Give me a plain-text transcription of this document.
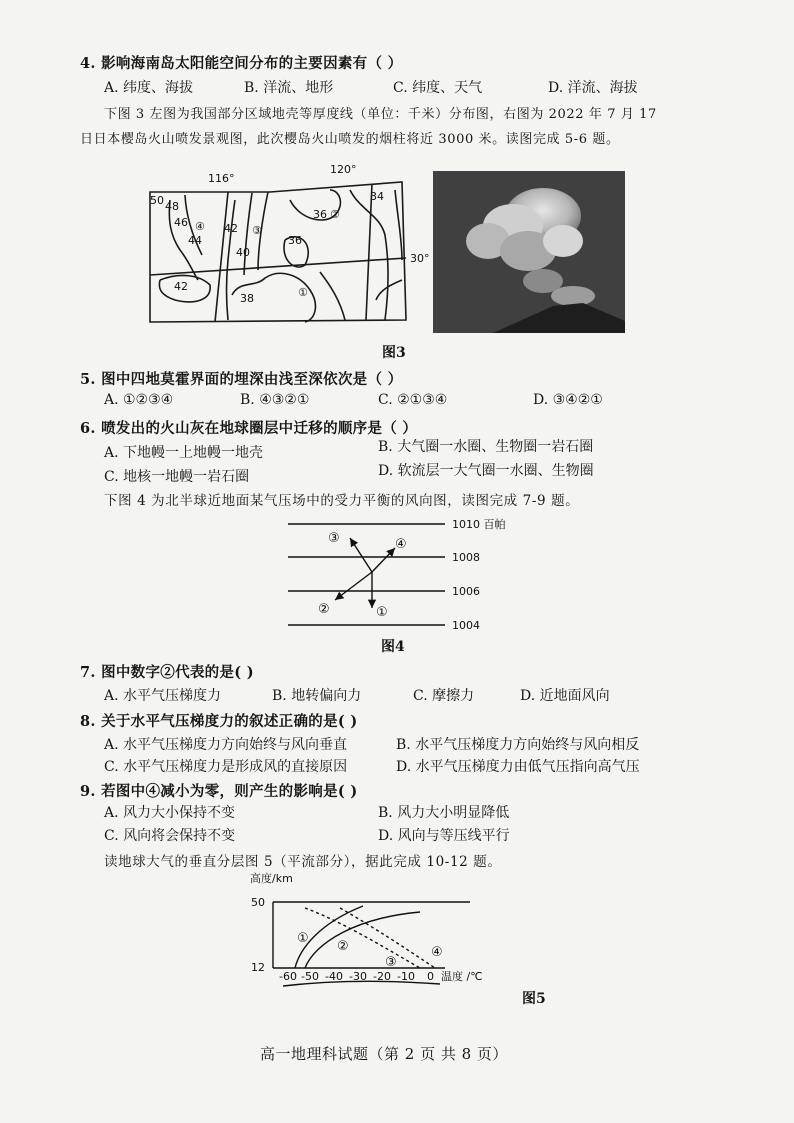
4. 影响海南岛太阳能空间分布的主要因素有（ ）
A. 纬度、海拔	B. 洋流、地形	C. 纬度、天气	D. 洋流、海拔
下图 3 左图为我国部分区域地壳等厚度线（单位：千米）分布图，右图为 2022 年 7 月 17
日日本樱岛火山喷发景观图，此次樱岛火山喷发的烟柱将近 3000 米。读图完成 5-6 题。
116°
120°
30°
50 48
46
44
42
40
36
36
34
42
38	①
②
③
④
图3
5. 图中四地莫霍界面的埋深由浅至深依次是（ ）
A. ①②③④	B. ④③②①	C. ②①③④	D. ③④②①
6. 喷发出的火山灰在地球圈层中迁移的顺序是（ ）
A. 下地幔一上地幔一地壳	B. 大气圈一水圈、生物圈一岩石圈
C. 地核一地幔一岩石圈	D. 软流层一大气圈一水圈、生物圈
下图 4 为北半球近地面某气压场中的受力平衡的风向图，读图完成 7-9 题。
1010 百帕
1008
1006
1004
③	④
②	①
图4
7. 图中数字②代表的是( )
A. 水平气压梯度力	B. 地转偏向力	C. 摩擦力	D. 近地面风向
8. 关于水平气压梯度力的叙述正确的是( )
A. 水平气压梯度力方向始终与风向垂直	B. 水平气压梯度力方向始终与风向相反
C. 水平气压梯度力是形成风的直接原因	D. 水平气压梯度力由低气压指向高气压
9. 若图中④减小为零，则产生的影响是( )
A. 风力大小保持不变	B. 风力大小明显降低
C. 风向将会保持不变	D. 风向与等压线平行
读地球大气的垂直分层图 5（平流部分），据此完成 10-12 题。
高度/km
50
12
-60 -50 -40 -30 -20 -10 0 温度 /℃
①
②
③
④
图5
高一地理科试题（第 2 页 共 8 页）
